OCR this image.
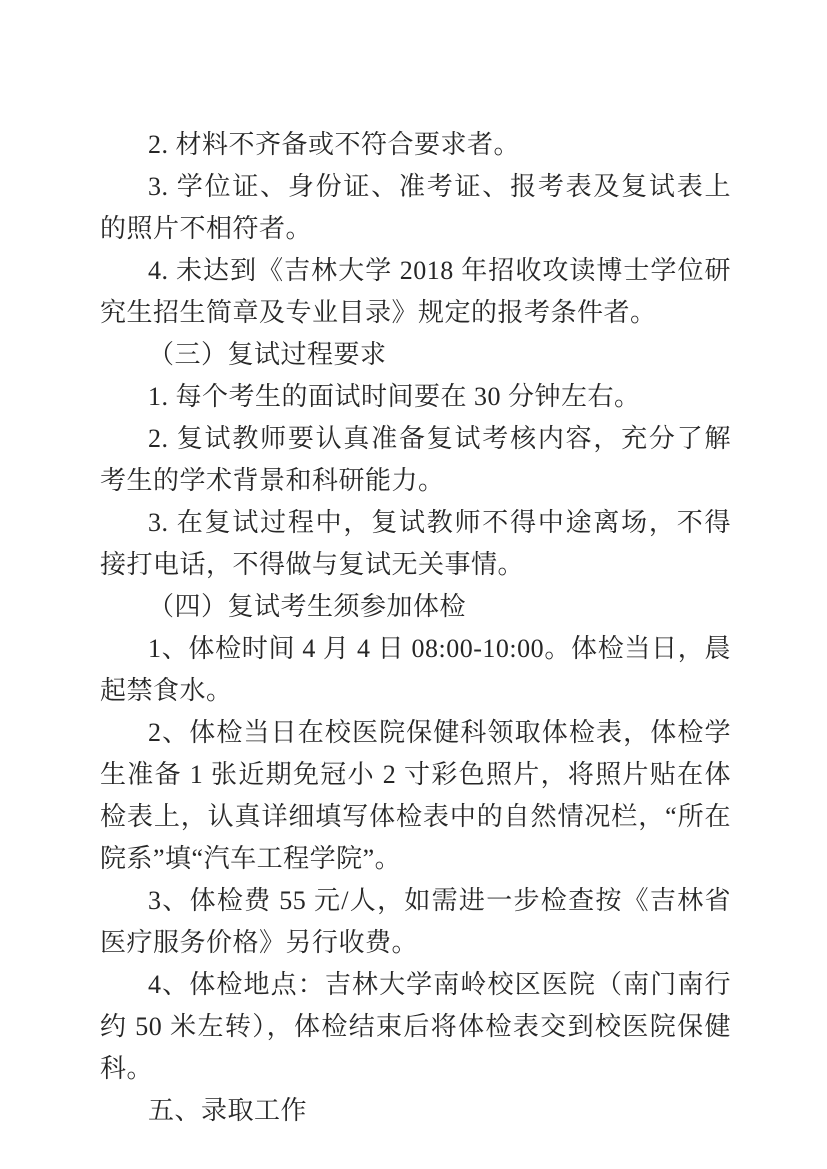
2. 材料不齐备或不符合要求者。

3. 学位证、身份证、准考证、报考表及复试表上的照片不相符者。

4. 未达到《吉林大学 2018 年招收攻读博士学位研究生招生简章及专业目录》规定的报考条件者。

（三）复试过程要求

1. 每个考生的面试时间要在 30 分钟左右。

2. 复试教师要认真准备复试考核内容，充分了解考生的学术背景和科研能力。

3. 在复试过程中，复试教师不得中途离场，不得接打电话，不得做与复试无关事情。

（四）复试考生须参加体检

1、体检时间 4 月 4 日 08:00-10:00。体检当日，晨起禁食水。

2、体检当日在校医院保健科领取体检表，体检学生准备 1 张近期免冠小 2 寸彩色照片，将照片贴在体检表上，认真详细填写体检表中的自然情况栏，“所在院系”填“汽车工程学院”。

3、体检费 55 元/人，如需进一步检查按《吉林省医疗服务价格》另行收费。

4、体检地点：吉林大学南岭校区医院（南门南行约 50 米左转），体检结束后将体检表交到校医院保健科。

五、录取工作
